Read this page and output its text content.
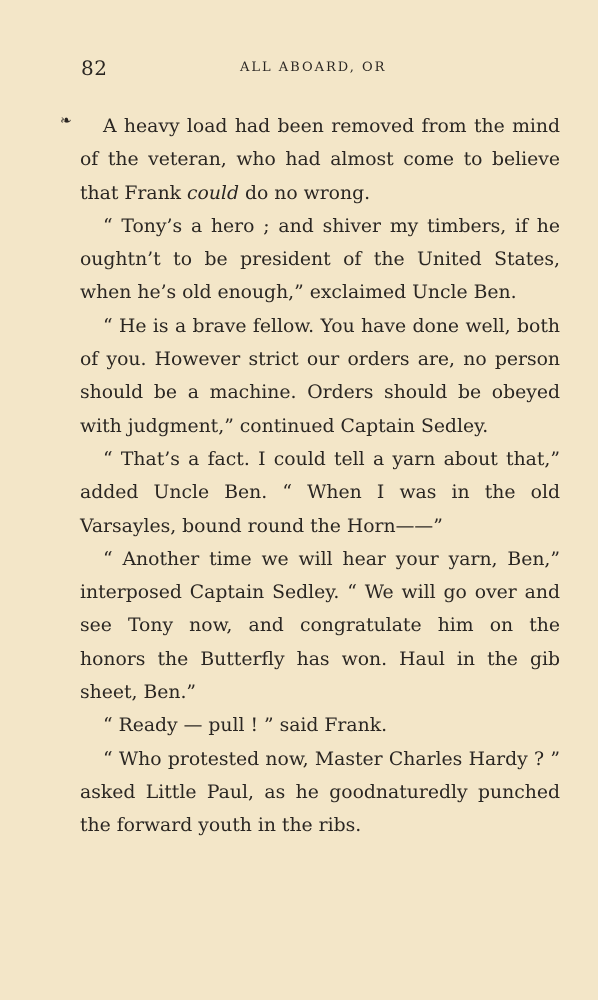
82	ALL ABOARD, OR
❧	A heavy load had been removed from the mind of the veteran, who had almost come to believe that Frank could do no wrong.

“ Tony’s a hero ; and shiver my timbers, if he oughtn’t to be president of the United States, when he’s old enough,” exclaimed Uncle Ben.

“ He is a brave fellow. You have done well, both of you. However strict our orders are, no person should be a machine. Orders should be obeyed with judgment,” continued Captain Sedley.

“ That’s a fact. I could tell a yarn about that,” added Uncle Ben. “ When I was in the old Varsayles, bound round the Horn——”

“ Another time we will hear your yarn, Ben,” interposed Captain Sedley. “ We will go over and see Tony now, and congratulate him on the honors the Butterfly has won. Haul in the gib sheet, Ben.”

“ Ready — pull ! ” said Frank.

“ Who protested now, Master Charles Hardy ? ” asked Little Paul, as he goodnaturedly punched the forward youth in the ribs.
